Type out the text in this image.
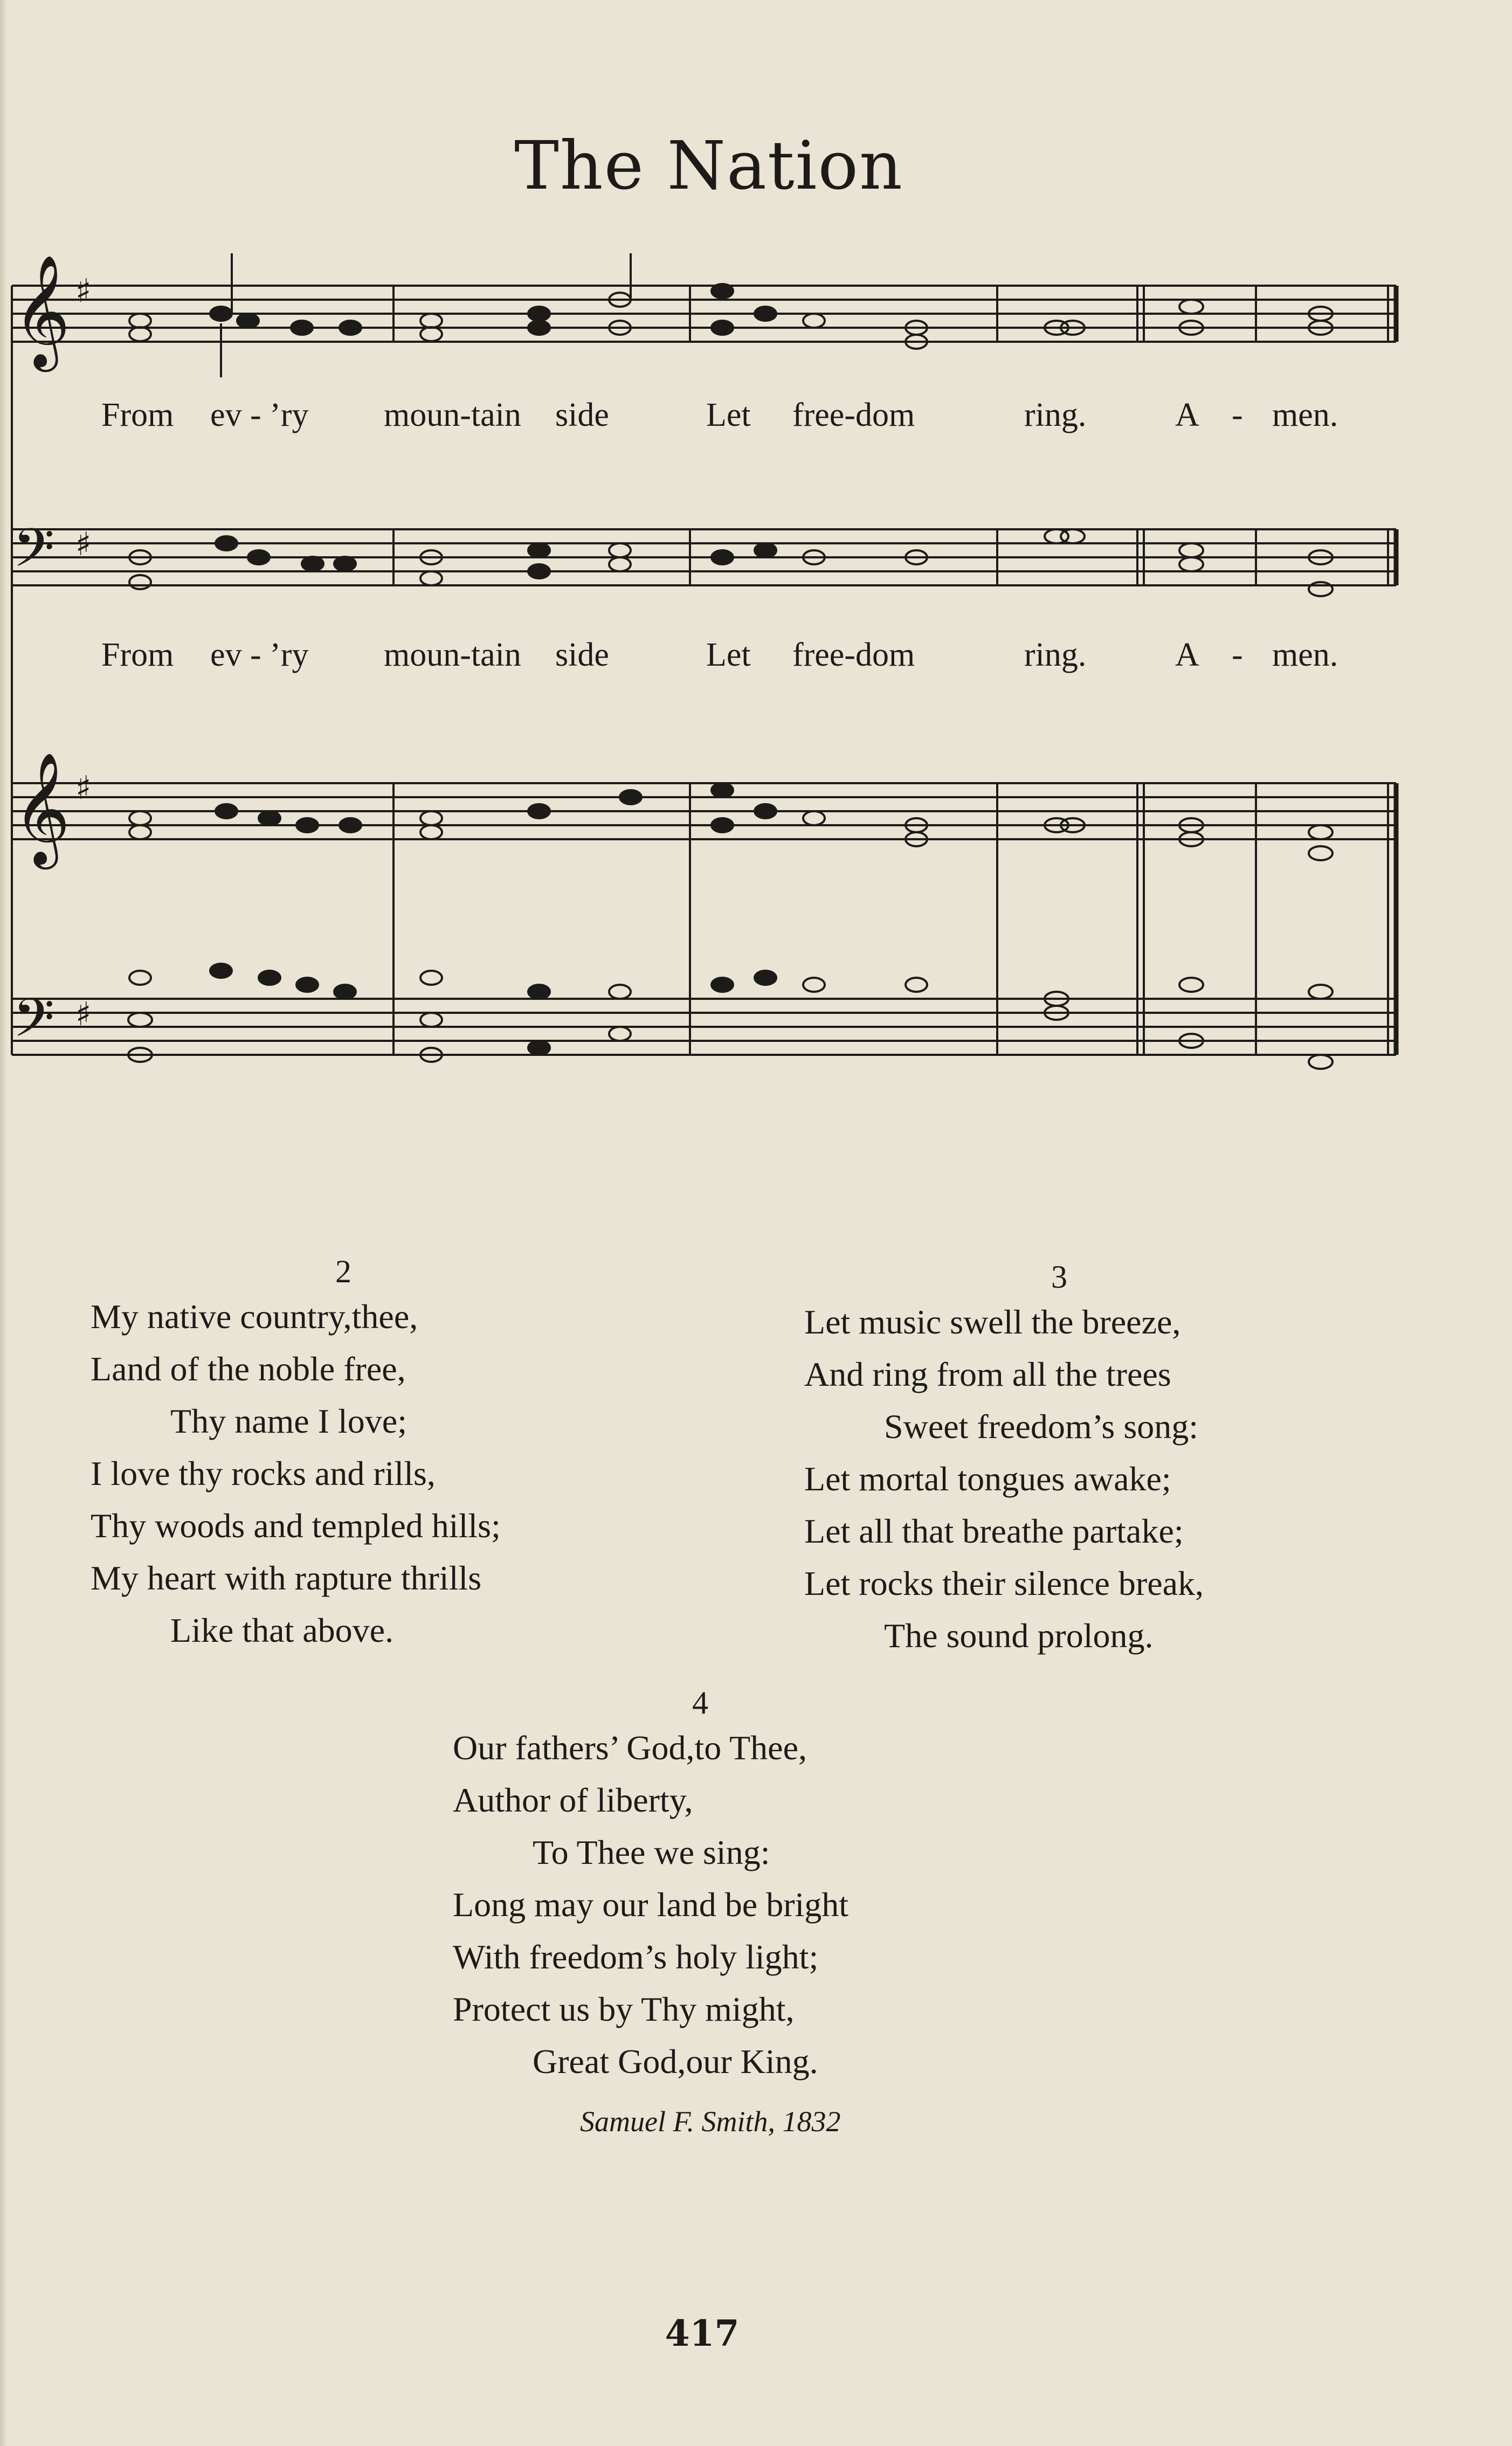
The Nation
𝄞
𝄢
𝄞
𝄢
♯
♯
♯
♯
From ev - ’ry moun-tain side	Let free-dom	ring.	A - men.
From ev - ’ry moun-tain side	Let free-dom	ring.	A - men.
2
My native country,thee,
Land of the noble free,
Thy name I love;
I love thy rocks and rills,
Thy woods and templed hills;
My heart with rapture thrills
Like that above.
3
Let music swell the breeze,
And ring from all the trees
Sweet freedom’s song:
Let mortal tongues awake;
Let all that breathe partake;
Let rocks their silence break,
The sound prolong.
4
Our fathers’ God,to Thee,
Author of liberty,
To Thee we sing:
Long may our land be bright
With freedom’s holy light;
Protect us by Thy might,
Great God,our King.
Samuel F. Smith, 1832
417
